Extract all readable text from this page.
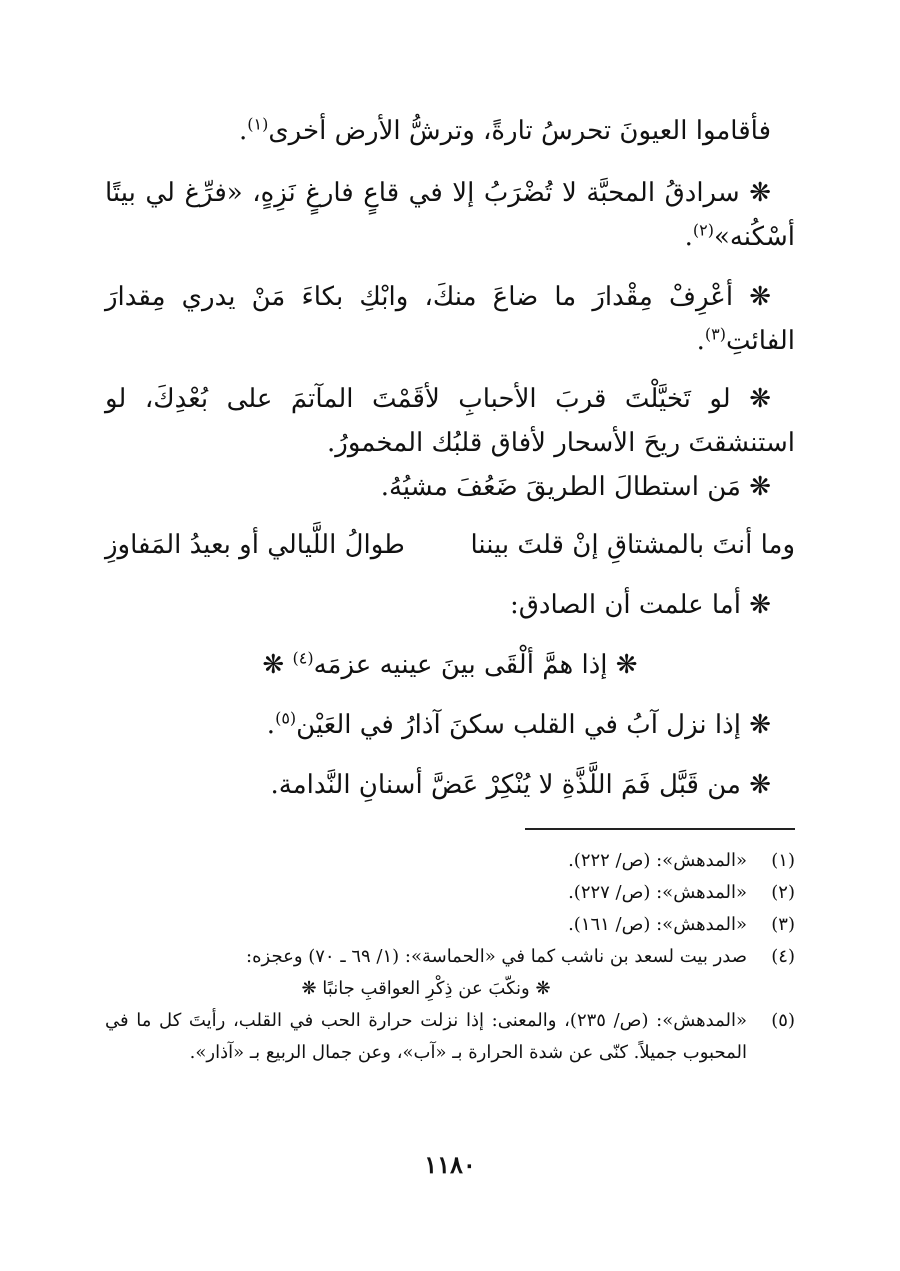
فأقاموا العيونَ تحرسُ تارةً، وترشُّ الأرض أخرى$^{(١)}$.

❋ سرادقُ المحبَّة لا تُضْرَبُ إلا في قاعٍ فارغٍ نَزِهٍ، «فرِّغ لي بيتًا أسْكُنه»$^{(٢)}$.

❋ أعْرِفْ مِقْدارَ ما ضاعَ منكَ، وابْكِ بكاءَ مَنْ يدري مِقدارَ الفائتِ$^{(٣)}$.

❋ لو تَخيَّلْتَ قربَ الأحبابِ لأقَمْتَ المآتمَ على بُعْدِكَ، لو استنشقتَ ريحَ الأسحار لأفاق قلبُك المخمورُ.

❋ مَن استطالَ الطريقَ ضَعُفَ مشيُهُ.

وما أنتَ بالمشتاقِ إنْ قلتَ بيننا
طوالُ اللَّيالي أو بعيدُ المَفاوزِ

❋ أما علمت أن الصادق:

❋ إذا همَّ ألْقَى بينَ عينيه عزمَه$^{(٤)}$ ❋

❋ إذا نزل آبُ في القلب سكنَ آذارُ في العَيْن$^{(٥)}$.

❋ من قَبَّل فَمَ اللَّذَّةِ لا يُنْكِرْ عَضَّ أسنانِ النَّدامة.

(١)
«المدهش»: (ص/ ٢٢٢).
(٢)
«المدهش»: (ص/ ٢٢٧).
(٣)
«المدهش»: (ص/ ١٦١).
(٤)
صدر بيت لسعد بن ناشب كما في «الحماسة»: (١/ ٦٩ ـ ٧٠) وعجزه:
❋ ونكّبَ عن ذِكْرِ العواقبِ جانبًا ❋
(٥)
«المدهش»: (ص/ ٢٣٥)، والمعنى: إذا نزلت حرارة الحب في القلب، رأيتَ كل ما في المحبوب جميلاً. كنّى عن شدة الحرارة بـ «آب»، وعن جمال الربيع بـ «آذار».
١١٨٠
